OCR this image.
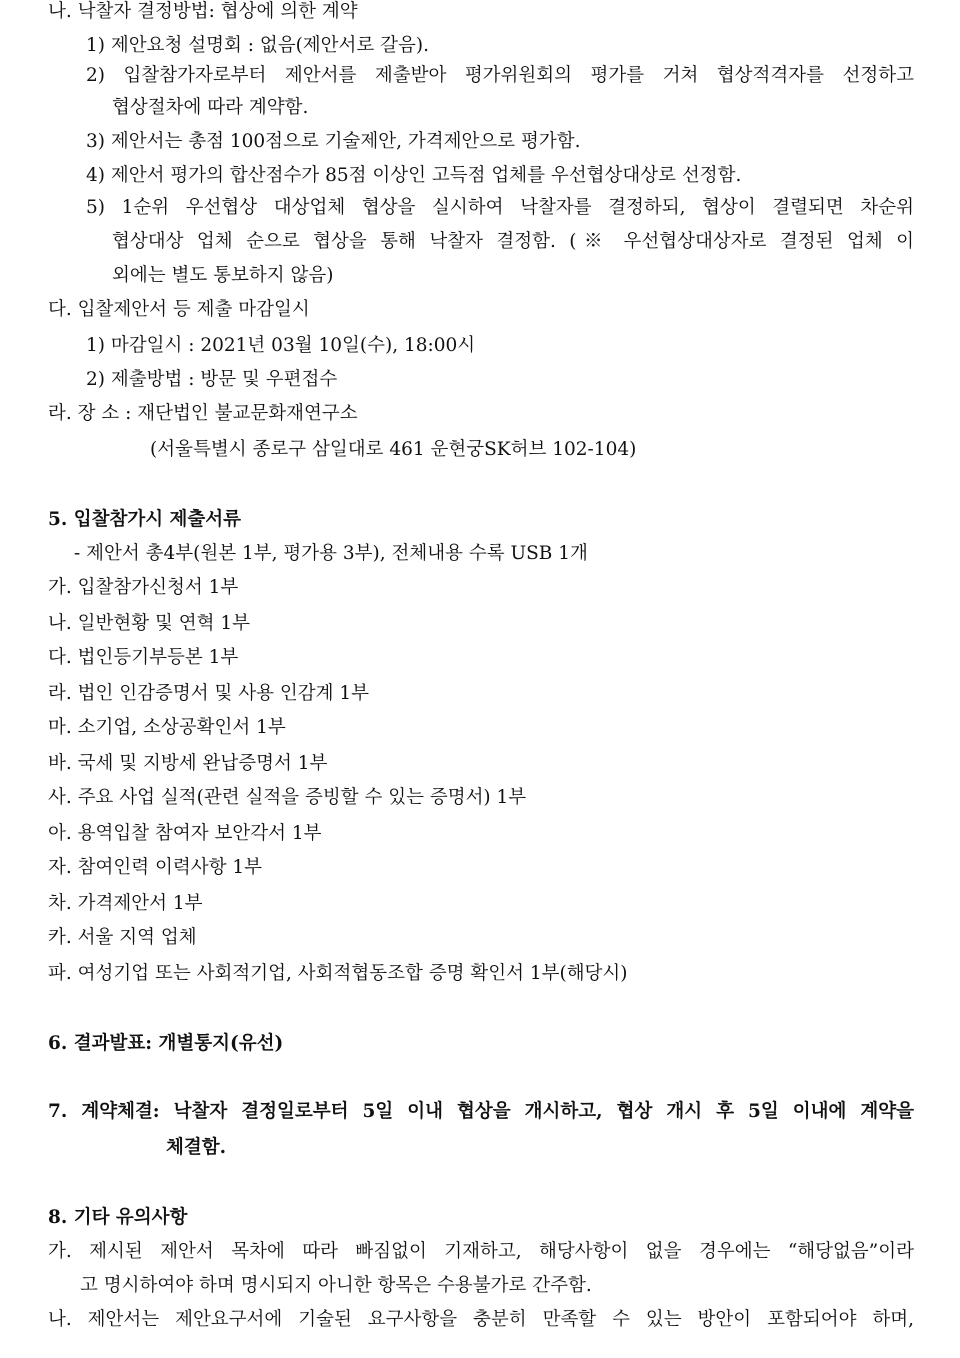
나. 낙찰자 결정방법: 협상에 의한 계약
1) 제안요청 설명회 : 없음(제안서로 갈음).
2) 입찰참가자로부터 제안서를 제출받아 평가위원회의 평가를 거쳐 협상적격자를 선정하고
협상절차에 따라 계약함.
3) 제안서는 총점 100점으로 기술제안, 가격제안으로 평가함.
4) 제안서 평가의 합산점수가 85점 이상인 고득점 업체를 우선협상대상로 선정함.
5) 1순위 우선협상 대상업체 협상을 실시하여 낙찰자를 결정하되, 협상이 결렬되면 차순위
협상대상 업체 순으로 협상을 통해 낙찰자 결정함. (※ 우선협상대상자로 결정된 업체 이
외에는 별도 통보하지 않음)
다. 입찰제안서 등 제출 마감일시
1) 마감일시 : 2021년 03월 10일(수), 18:00시
2) 제출방법 : 방문 및 우편접수
라. 장 소 : 재단법인 불교문화재연구소
(서울특별시 종로구 삼일대로 461 운현궁SK허브 102-104)
5. 입찰참가시 제출서류
- 제안서 총4부(원본 1부, 평가용 3부), 전체내용 수록 USB 1개
가. 입찰참가신청서 1부
나. 일반현황 및 연혁 1부
다. 법인등기부등본 1부
라. 법인 인감증명서 및 사용 인감계 1부
마. 소기업, 소상공확인서 1부
바. 국세 및 지방세 완납증명서 1부
사. 주요 사업 실적(관련 실적을 증빙할 수 있는 증명서) 1부
아. 용역입찰 참여자 보안각서 1부
자. 참여인력 이력사항 1부
차. 가격제안서 1부
카. 서울 지역 업체
파. 여성기업 또는 사회적기업, 사회적협동조합 증명 확인서 1부(해당시)
6. 결과발표: 개별통지(유선)
7. 계약체결: 낙찰자 결정일로부터 5일 이내 협상을 개시하고, 협상 개시 후 5일 이내에 계약을
체결함.
8. 기타 유의사항
가. 제시된 제안서 목차에 따라 빠짐없이 기재하고, 해당사항이 없을 경우에는 “해당없음”이라
고 명시하여야 하며 명시되지 아니한 항목은 수용불가로 간주함.
나. 제안서는 제안요구서에 기술된 요구사항을 충분히 만족할 수 있는 방안이 포함되어야 하며,
